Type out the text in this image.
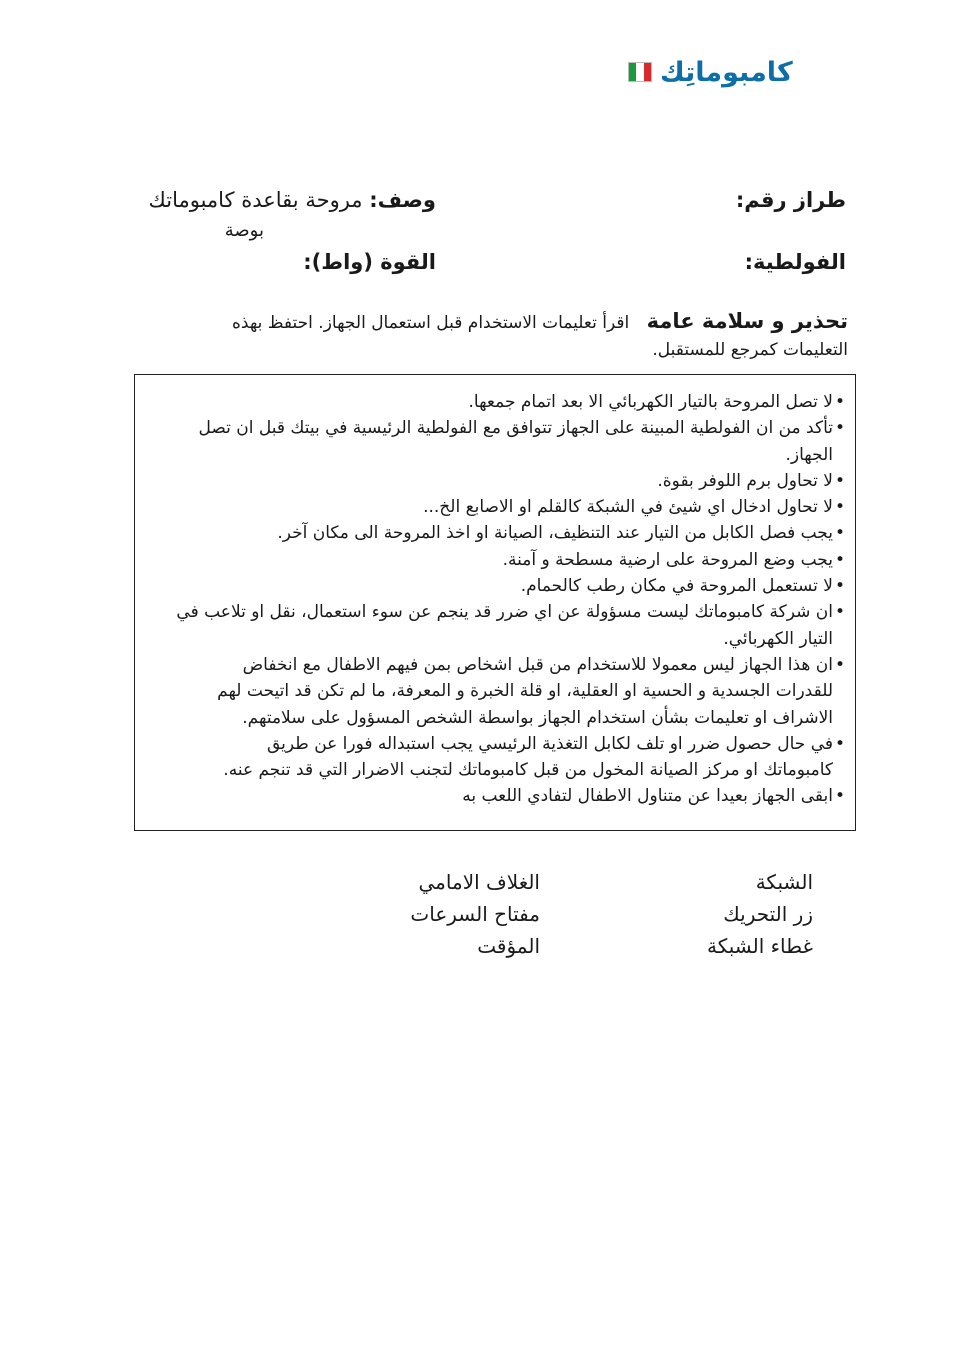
كامبوماتِك
طراز رقم:
وصف: مروحة بقاعدة كامبوماتك
بوصة
الفولطية:
القوة (واط):
تحذير و سلامة عامة اقرأ تعليمات الاستخدام قبل استعمال الجهاز. احتفظ بهذه التعليمات كمرجع للمستقبل.
• لا تصل المروحة بالتيار الكهربائي الا بعد اتمام جمعها.
• تأكد من ان الفولطية المبينة على الجهاز تتوافق مع الفولطية الرئيسية في بيتك قبل ان تصل الجهاز.
• لا تحاول برم اللوفر بقوة.
• لا تحاول ادخال اي شيئ في الشبكة كالقلم او الاصابع الخ...
• يجب فصل الكابل من التيار عند التنظيف، الصيانة او اخذ المروحة الى مكان آخر.
• يجب وضع المروحة على ارضية مسطحة و آمنة.
• لا تستعمل المروحة في مكان رطب كالحمام.
• ان شركة كامبوماتك ليست مسؤولة عن اي ضرر قد ينجم عن سوء استعمال، نقل او تلاعب في التيار الكهربائي.
• ان هذا الجهاز ليس معمولا للاستخدام من قبل اشخاص بمن فيهم الاطفال مع انخفاض للقدرات الجسدية و الحسية او العقلية، او قلة الخبرة و المعرفة، ما لم تكن قد اتيحت لهم الاشراف او تعليمات بشأن استخدام الجهاز بواسطة الشخص المسؤول على سلامتهم.
• في حال حصول ضرر او تلف لكابل التغذية الرئيسي يجب استبداله فورا عن طريق كامبوماتك او مركز الصيانة المخول من قبل كامبوماتك لتجنب الاضرار التي قد تنجم عنه.
• ابقى الجهاز بعيدا عن متناول الاطفال لتفادي اللعب به
الشبكة
زر التحريك
غطاء الشبكة
الغلاف الامامي
مفتاح السرعات
المؤقت
